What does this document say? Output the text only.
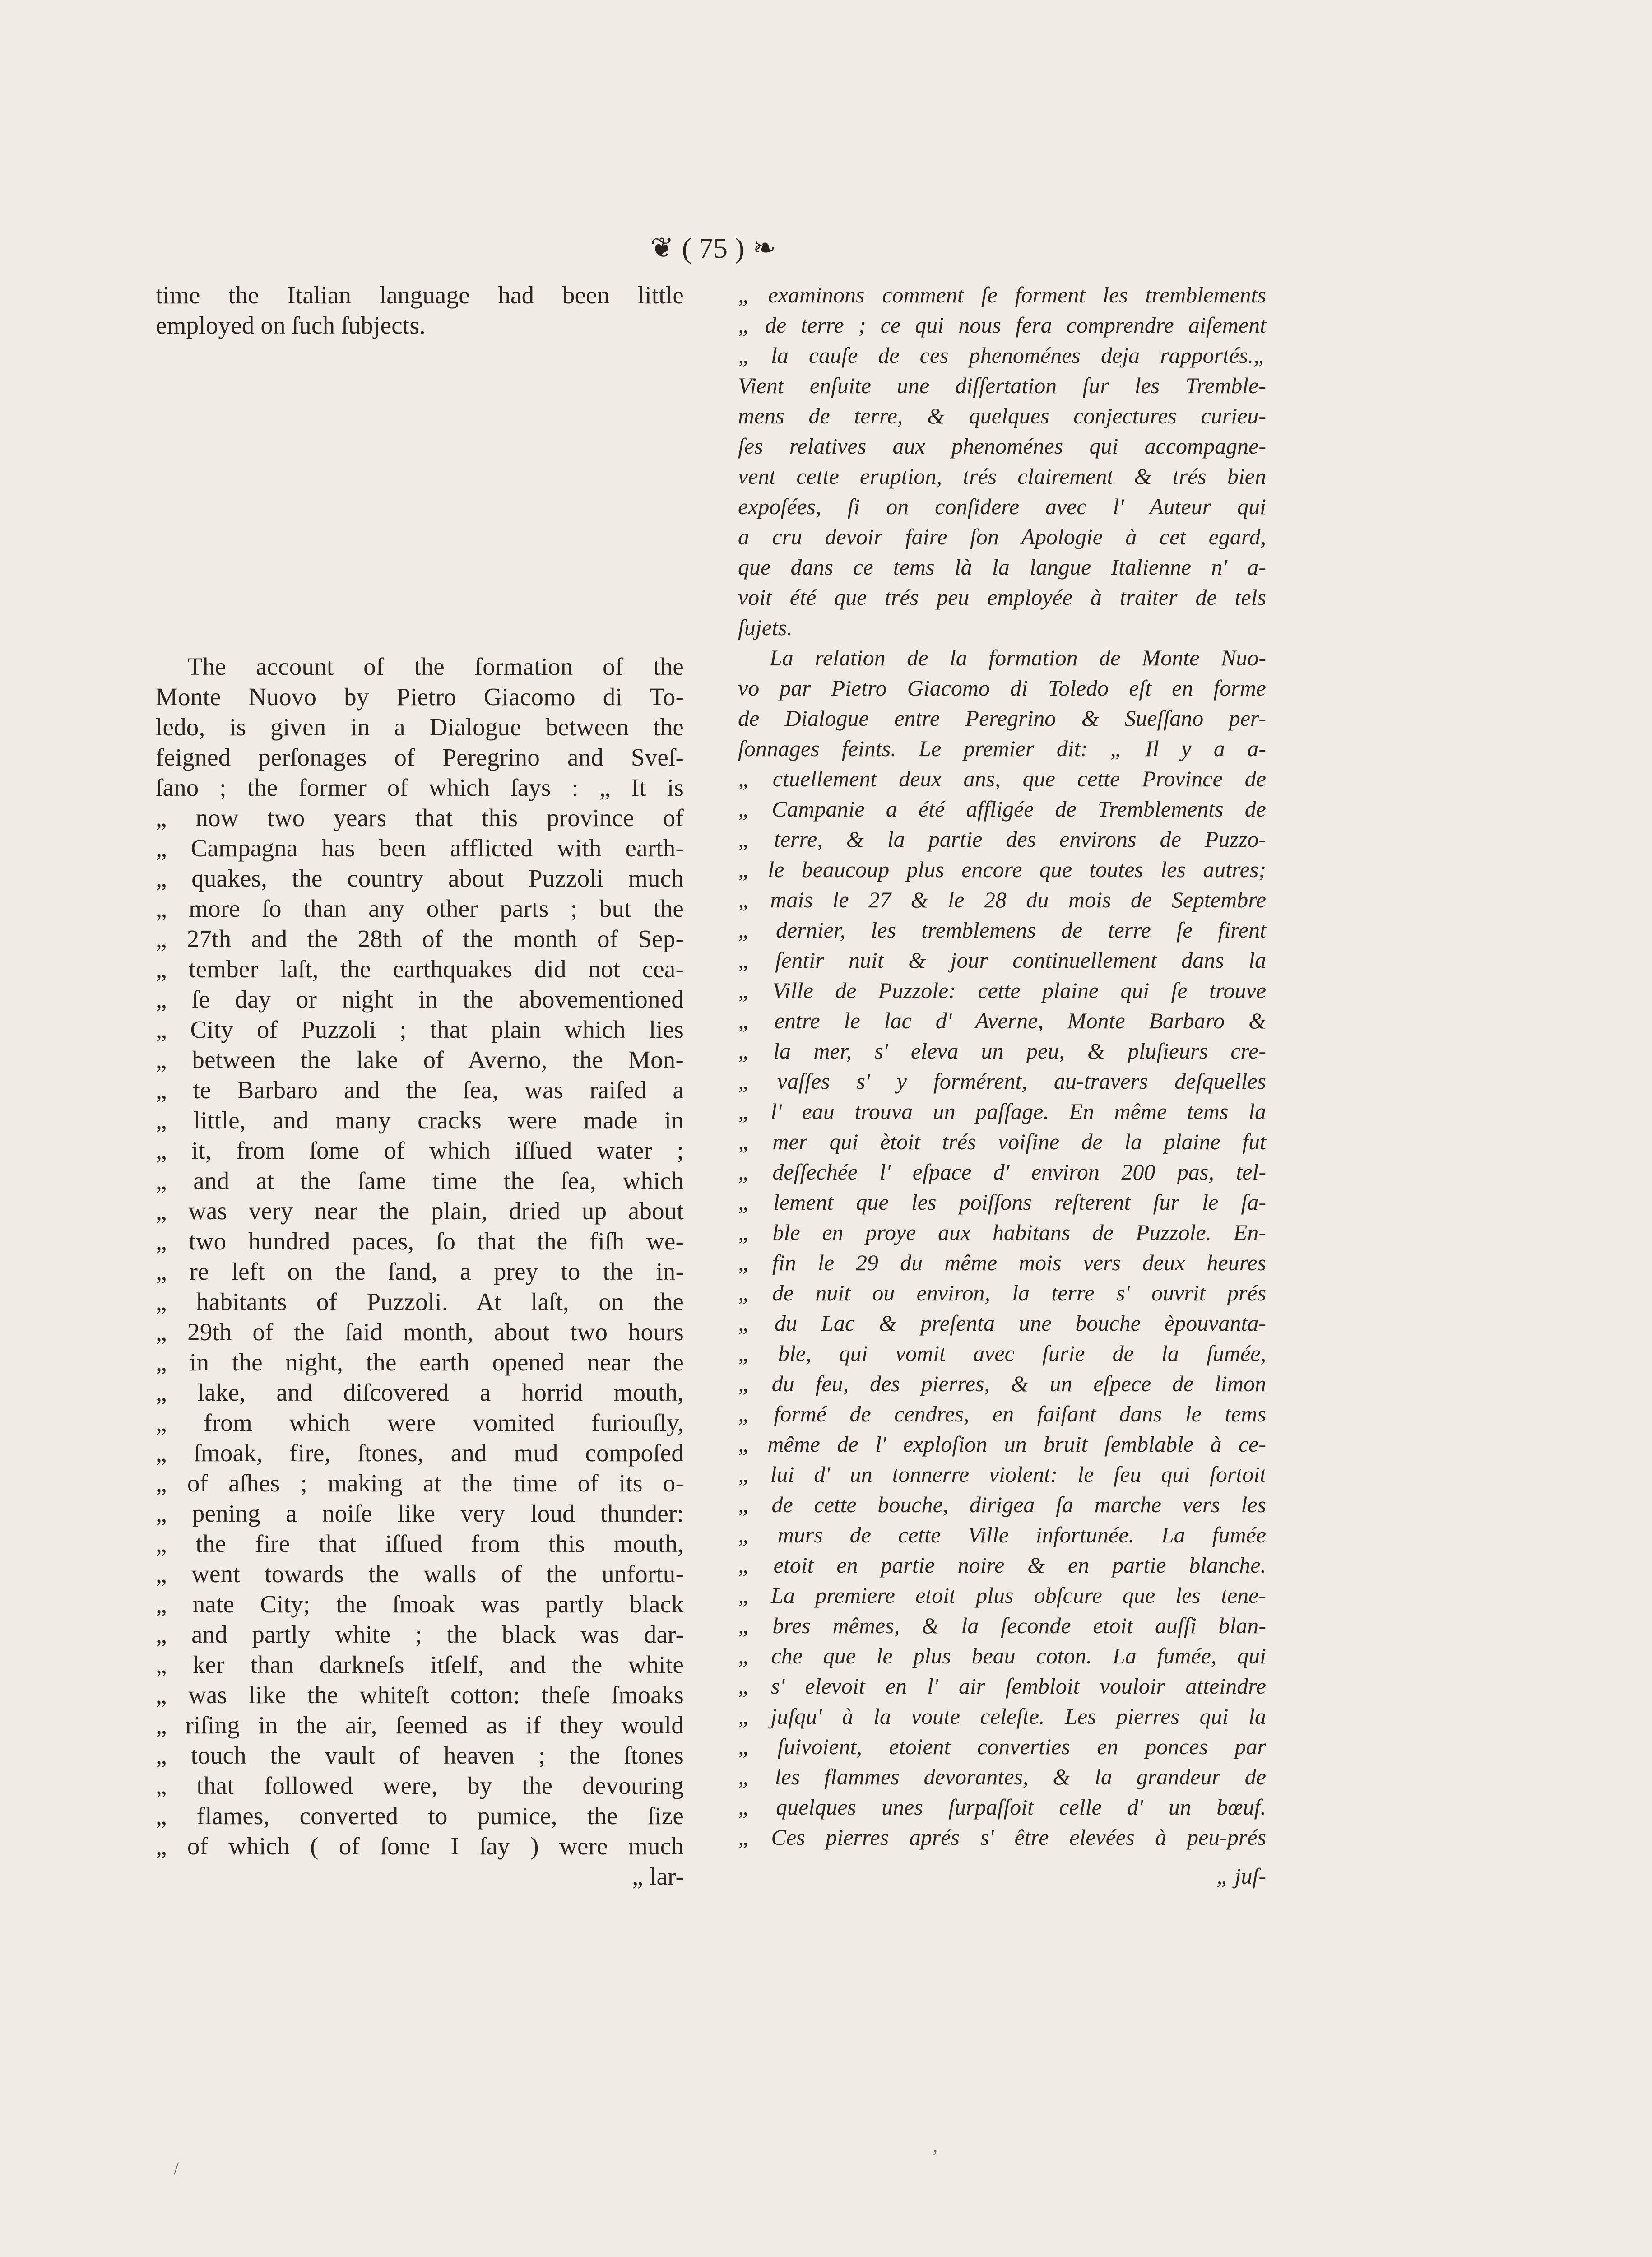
❦ ( 75 ) ❧
time the Italian language had been little
employed on ſuch ſubjects.
The account of the formation of the
Monte Nuovo by Pietro Giacomo di To-
ledo, is given in a Dialogue between the
feigned perſonages of Peregrino and Sveſ-
ſano ; the former of which ſays : „ It is
„ now two years that this province of
„ Campagna has been afflicted with earth-
„ quakes, the country about Puzzoli much
„ more ſo than any other parts ; but the
„ 27th and the 28th of the month of Sep-
„ tember laſt, the earthquakes did not cea-
„ ſe day or night in the abovementioned
„ City of Puzzoli ; that plain which lies
„ between the lake of Averno, the Mon-
„ te Barbaro and the ſea, was raiſed a
„ little, and many cracks were made in
„ it, from ſome of which iſſued water ;
„ and at the ſame time the ſea, which
„ was very near the plain, dried up about
„ two hundred paces, ſo that the fiſh we-
„ re left on the ſand, a prey to the in-
„ habitants of Puzzoli. At laſt, on the
„ 29th of the ſaid month, about two hours
„ in the night, the earth opened near the
„ lake, and diſcovered a horrid mouth,
„ from which were vomited furiouſly,
„ ſmoak, fire, ſtones, and mud compoſed
„ of aſhes ; making at the time of its o-
„ pening a noiſe like very loud thunder:
„ the fire that iſſued from this mouth,
„ went towards the walls of the unfortu-
„ nate City; the ſmoak was partly black
„ and partly white ; the black was dar-
„ ker than darkneſs itſelf, and the white
„ was like the whiteſt cotton: theſe ſmoaks
„ riſing in the air, ſeemed as if they would
„ touch the vault of heaven ; the ſtones
„ that followed were, by the devouring
„ flames, converted to pumice, the ſize
„ of which ( of ſome I ſay ) were much
„ lar-
„ examinons comment ſe forment les tremblements
„ de terre ; ce qui nous fera comprendre aiſement
„ la cauſe de ces phenoménes deja rapportés.„
Vient enſuite une diſſertation ſur les Tremble-
mens de terre, & quelques conjectures curieu-
ſes relatives aux phenoménes qui accompagne-
vent cette eruption, trés clairement & trés bien
expoſées, ſi on conſidere avec l' Auteur qui
a cru devoir faire ſon Apologie à cet egard,
que dans ce tems là la langue Italienne n' a-
voit été que trés peu employée à traiter de tels
ſujets.
La relation de la formation de Monte Nuo-
vo par Pietro Giacomo di Toledo eſt en forme
de Dialogue entre Peregrino & Sueſſano per-
ſonnages feints. Le premier dit: „ Il y a a-
„ ctuellement deux ans, que cette Province de
„ Campanie a été affligée de Tremblements de
„ terre, & la partie des environs de Puzzo-
„ le beaucoup plus encore que toutes les autres;
„ mais le 27 & le 28 du mois de Septembre
„ dernier, les tremblemens de terre ſe firent
„ ſentir nuit & jour continuellement dans la
„ Ville de Puzzole: cette plaine qui ſe trouve
„ entre le lac d' Averne, Monte Barbaro &
„ la mer, s' eleva un peu, & pluſieurs cre-
„ vaſſes s' y formérent, au-travers deſquelles
„ l' eau trouva un paſſage. En même tems la
„ mer qui ètoit trés voiſine de la plaine fut
„ deſſechée l' eſpace d' environ 200 pas, tel-
„ lement que les poiſſons reſterent ſur le ſa-
„ ble en proye aux habitans de Puzzole. En-
„ fin le 29 du même mois vers deux heures
„ de nuit ou environ, la terre s' ouvrit prés
„ du Lac & preſenta une bouche èpouvanta-
„ ble, qui vomit avec furie de la fumée,
„ du feu, des pierres, & un eſpece de limon
„ formé de cendres, en faiſant dans le tems
„ même de l' exploſion un bruit ſemblable à ce-
„ lui d' un tonnerre violent: le feu qui ſortoit
„ de cette bouche, dirigea ſa marche vers les
„ murs de cette Ville infortunée. La fumée
„ etoit en partie noire & en partie blanche.
„ La premiere etoit plus obſcure que les tene-
„ bres mêmes, & la ſeconde etoit auſſi blan-
„ che que le plus beau coton. La fumée, qui
„ s' elevoit en l' air ſembloit vouloir atteindre
„ juſqu' à la voute celeſte. Les pierres qui la
„ ſuivoient, etoient converties en ponces par
„ les flammes devorantes, & la grandeur de
„ quelques unes ſurpaſſoit celle d' un bœuf.
„ Ces pierres aprés s' être elevées à peu-prés
„ juſ-
/
‚
